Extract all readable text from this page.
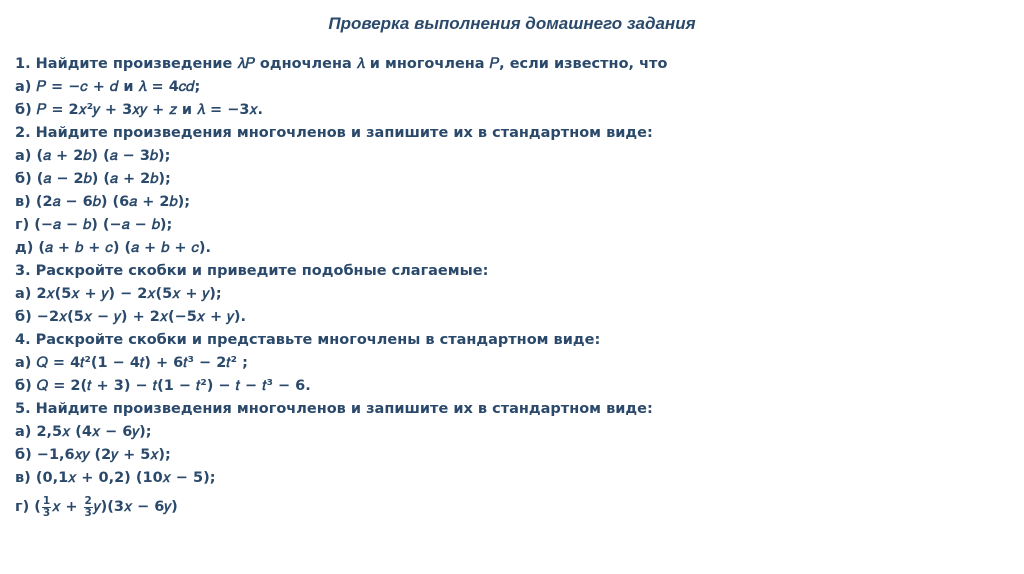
Проверка выполнения домашнего задания
1. Найдите произведение 𝜆𝑃 одночлена 𝜆 и многочлена 𝑃, если известно, что
а) 𝑃 = −𝑐 + 𝑑 и 𝜆 = 4𝑐𝑑;
б) 𝑃 = 2𝑥²𝑦 + 3𝑥𝑦 + 𝑧 и 𝜆 = −3𝑥.
2. Найдите произведения многочленов и запишите их в стандартном виде:
а) (𝑎 + 2𝑏) (𝑎 − 3𝑏);
б) (𝑎 − 2𝑏) (𝑎 + 2𝑏);
в) (2𝑎 − 6𝑏) (6𝑎 + 2𝑏);
г) (−𝑎 − 𝑏) (−𝑎 − 𝑏);
д) (𝑎 + 𝑏 + 𝑐) (𝑎 + 𝑏 + 𝑐).
3. Раскройте скобки и приведите подобные слагаемые:
а) 2𝑥(5𝑥 + 𝑦) − 2𝑥(5𝑥 + 𝑦);
б) −2𝑥(5𝑥 − 𝑦) + 2𝑥(−5𝑥 + 𝑦).
4. Раскройте скобки и представьте многочлены в стандартном виде:
а) 𝑄 = 4𝑡²(1 − 4𝑡) + 6𝑡³ − 2𝑡² ;
б) 𝑄 = 2(𝑡 + 3) − 𝑡(1 − 𝑡²) − 𝑡 − 𝑡³ − 6.
5. Найдите произведения многочленов и запишите их в стандартном виде:
а) 2,5𝑥 (4𝑥 − 6𝑦);
б) −1,6𝑥𝑦 (2𝑦 + 5𝑥);
в) (0,1𝑥 + 0,2) (10𝑥 − 5);
г) ( $\frac{1}{3}$ 𝑥 + $\frac{2}{3}$ 𝑦)(3𝑥 − 6𝑦)
